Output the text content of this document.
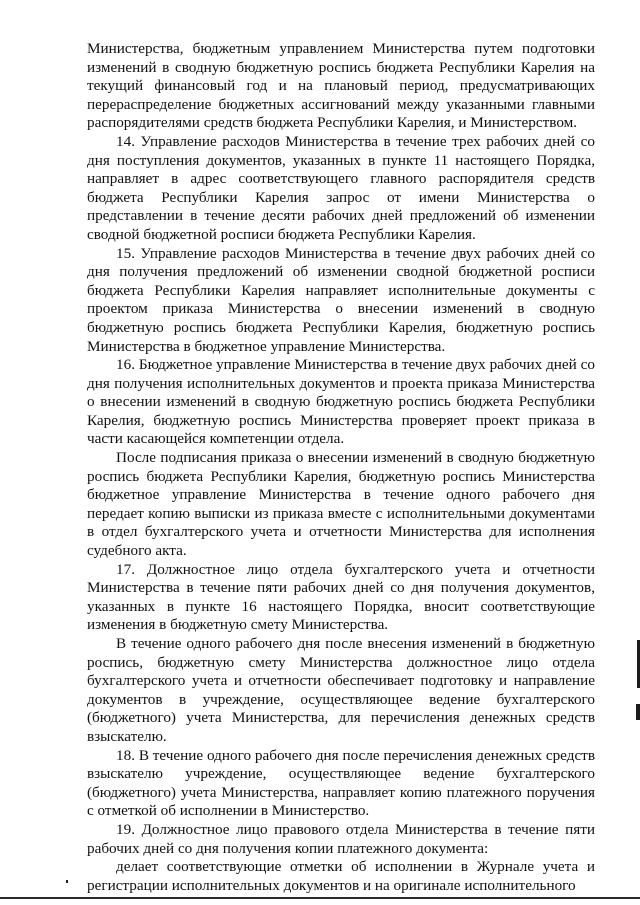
Министерства, бюджетным управлением Министерства путем подготовки изменений в сводную бюджетную роспись бюджета Республики Карелия на текущий финансовый год и на плановый период, предусматривающих перераспределение бюджетных ассигнований между указанными главными распорядителями средств бюджета Республики Карелия, и Министерством.

14. Управление расходов Министерства в течение трех рабочих дней со дня поступления документов, указанных в пункте 11 настоящего Порядка, направляет в адрес соответствующего главного распорядителя средств бюджета Республики Карелия запрос от имени Министерства о представлении в течение десяти рабочих дней предложений об изменении сводной бюджетной росписи бюджета Республики Карелия.

15. Управление расходов Министерства в течение двух рабочих дней со дня получения предложений об изменении сводной бюджетной росписи бюджета Республики Карелия направляет исполнительные документы с проектом приказа Министерства о внесении изменений в сводную бюджетную роспись бюджета Республики Карелия, бюджетную роспись Министерства в бюджетное управление Министерства.

16. Бюджетное управление Министерства в течение двух рабочих дней со дня получения исполнительных документов и проекта приказа Министерства о внесении изменений в сводную бюджетную роспись бюджета Республики Карелия, бюджетную роспись Министерства проверяет проект приказа в части касающейся компетенции отдела.

После подписания приказа о внесении изменений в сводную бюджетную роспись бюджета Республики Карелия, бюджетную роспись Министерства бюджетное управление Министерства в течение одного рабочего дня передает копию выписки из приказа вместе с исполнительными документами в отдел бухгалтерского учета и отчетности Министерства для исполнения судебного акта.

17. Должностное лицо отдела бухгалтерского учета и отчетности Министерства в течение пяти рабочих дней со дня получения документов, указанных в пункте 16 настоящего Порядка, вносит соответствующие изменения в бюджетную смету Министерства.

В течение одного рабочего дня после внесения изменений в бюджетную роспись, бюджетную смету Министерства должностное лицо отдела бухгалтерского учета и отчетности обеспечивает подготовку и направление документов в учреждение, осуществляющее ведение бухгалтерского (бюджетного) учета Министерства, для перечисления денежных средств взыскателю.

18. В течение одного рабочего дня после перечисления денежных средств взыскателю учреждение, осуществляющее ведение бухгалтерского (бюджетного) учета Министерства, направляет копию платежного поручения с отметкой об исполнении в Министерство.

19. Должностное лицо правового отдела Министерства в течение пяти рабочих дней со дня получения копии платежного документа:

делает соответствующие отметки об исполнении в Журнале учета и регистрации исполнительных документов и на оригинале исполнительного
